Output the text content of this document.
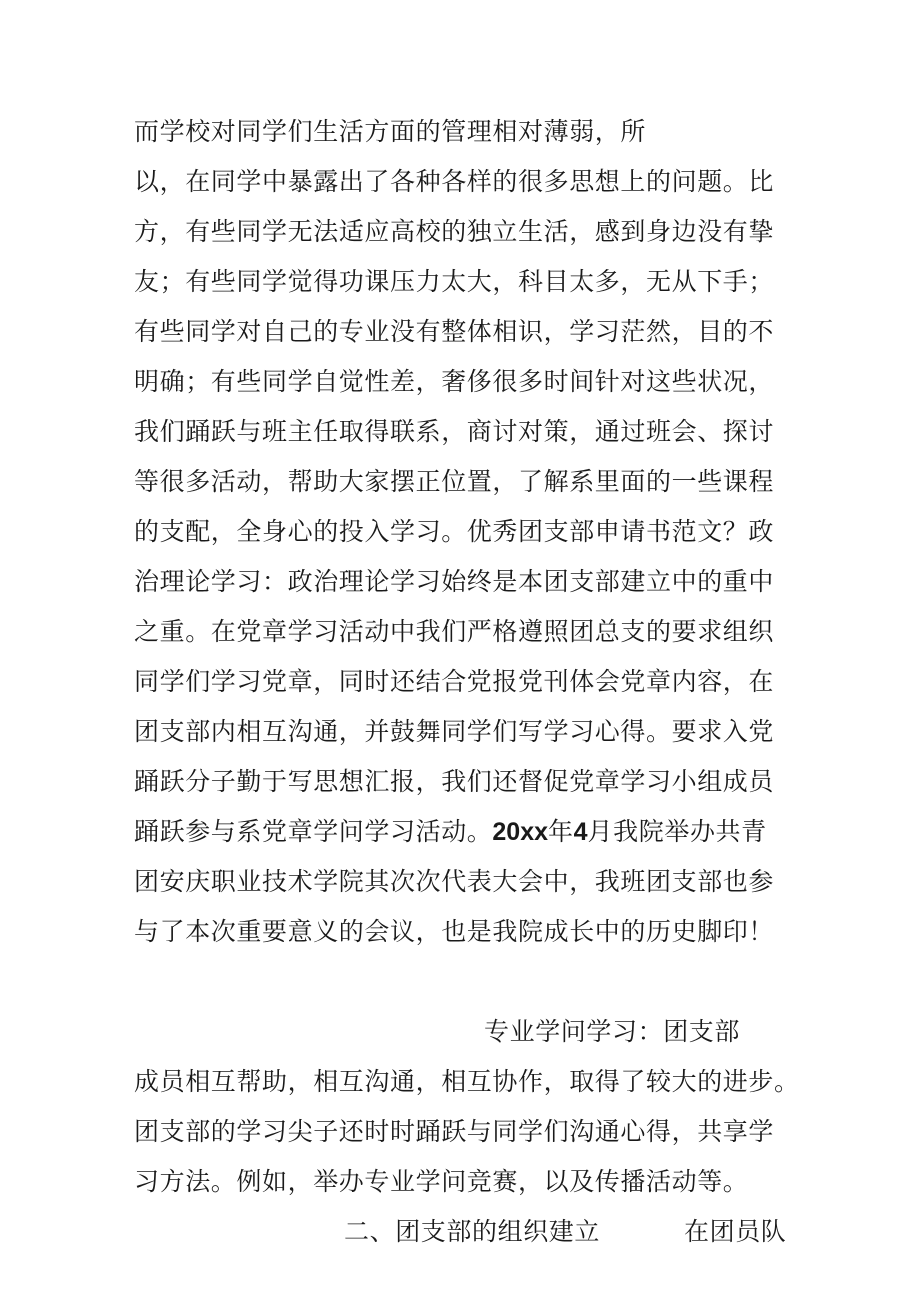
而学校对同学们生活方面的管理相对薄弱，所
以，在同学中暴露出了各种各样的很多思想上的问题。比
方，有些同学无法适应高校的独立生活，感到身边没有挚
友；有些同学觉得功课压力太大，科目太多，无从下手；
有些同学对自己的专业没有整体相识，学习茫然，目的不
明确；有些同学自觉性差，奢侈很多时间针对这些状况，
我们踊跃与班主任取得联系，商讨对策，通过班会、探讨
等很多活动，帮助大家摆正位置，了解系里面的一些课程
的支配，全身心的投入学习。优秀团支部申请书范文？政
治理论学习：政治理论学习始终是本团支部建立中的重中
之重。在党章学习活动中我们严格遵照团总支的要求组织
同学们学习党章，同时还结合党报党刊体会党章内容，在
团支部内相互沟通，并鼓舞同学们写学习心得。要求入党
踊跃分子勤于写思想汇报，我们还督促党章学习小组成员
踊跃参与系党章学问学习活动。20xx年4月我院举办共青
团安庆职业技术学院其次次代表大会中，我班团支部也参
与了本次重要意义的会议，也是我院成长中的历史脚印！
专业学问学习：团支部
成员相互帮助，相互沟通，相互协作，取得了较大的进步。
团支部的学习尖子还时时踊跃与同学们沟通心得，共享学
习方法。例如，举办专业学问竞赛，以及传播活动等。
二、团支部的组织建立	在团员队
